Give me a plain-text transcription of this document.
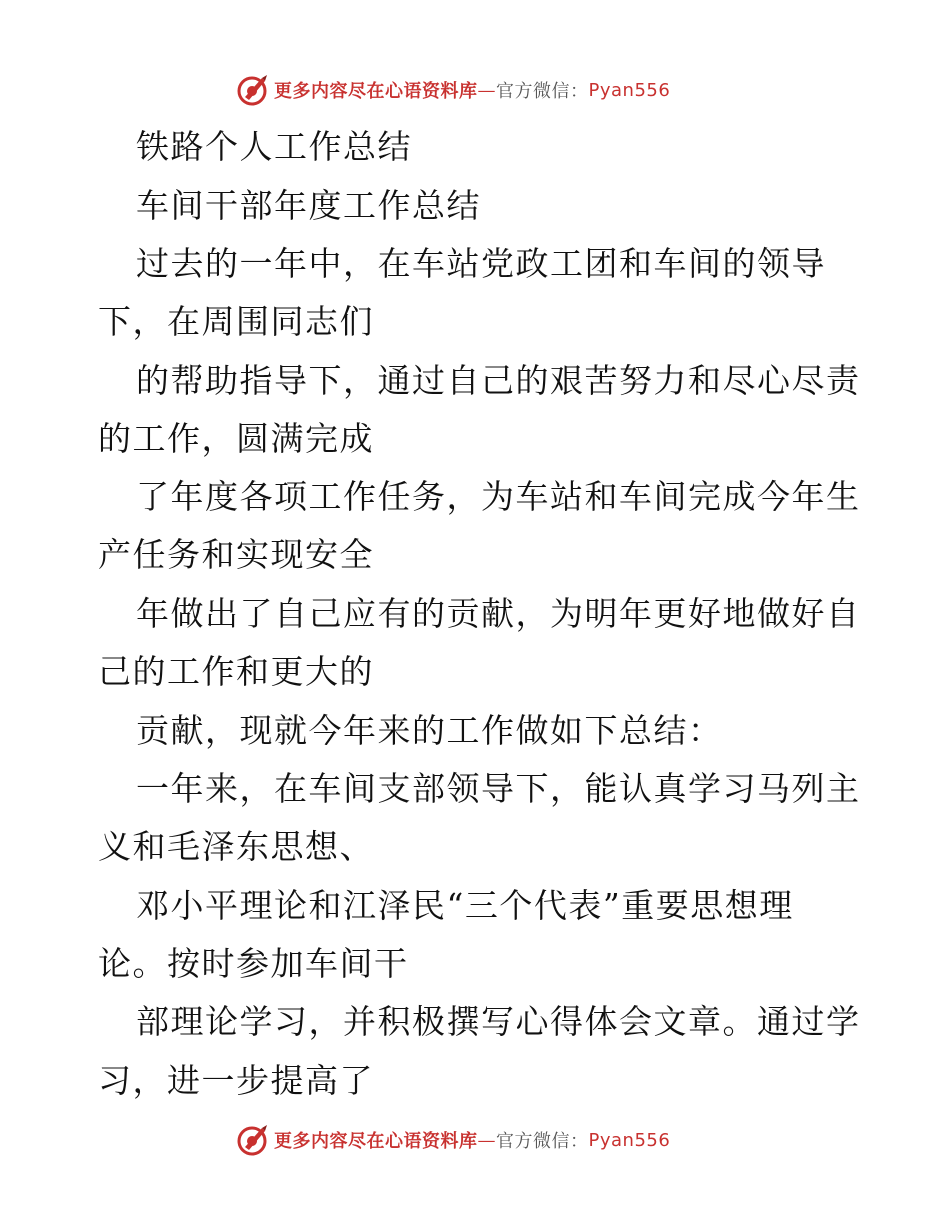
更多内容尽在心语资料库 — 官方微信 ： Pyan556
铁路个人工作总结
车间干部年度工作总结
过去的一年中，在车站党政工团和车间的领导
下，在周围同志们
的帮助指导下，通过自己的艰苦努力和尽心尽责
的工作，圆满完成
了年度各项工作任务，为车站和车间完成今年生
产任务和实现安全
年做出了自己应有的贡献，为明年更好地做好自
己的工作和更大的
贡献，现就今年来的工作做如下总结：
一年来，在车间支部领导下，能认真学习马列主
义和毛泽东思想、
邓小平理论和江泽民“三个代表”重要思想理
论。按时参加车间干
部理论学习，并积极撰写心得体会文章。通过学
习，进一步提高了
更多内容尽在心语资料库 — 官方微信 ： Pyan556
